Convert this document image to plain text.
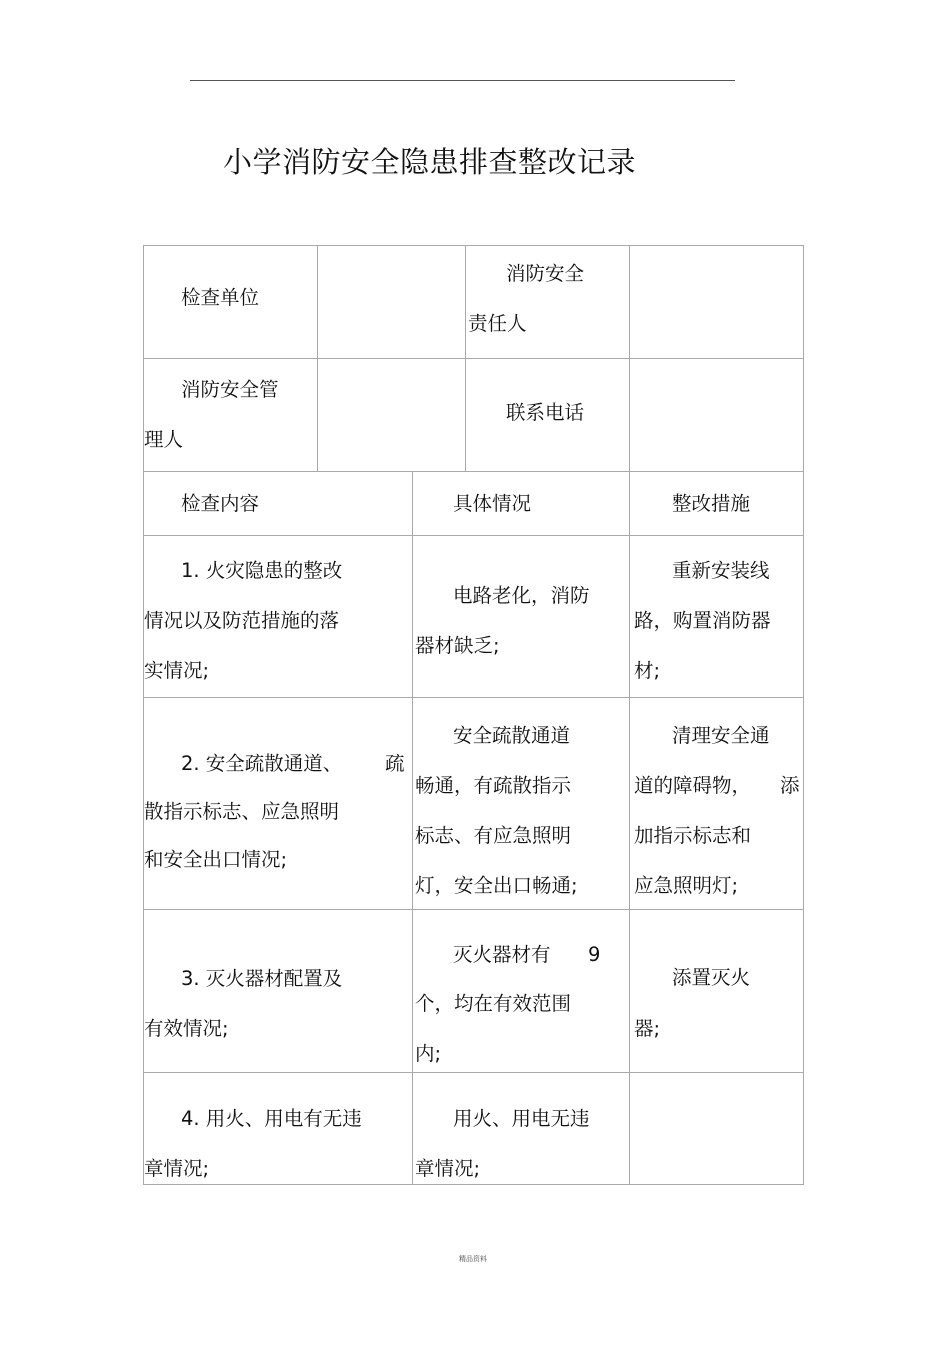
小学消防安全隐患排查整改记录
检查单位
消防安全
责任人
消防安全管
理人
联系电话
检查内容	具体情况	整改措施
1. 火灾隐患的整改
情况以及防范措施的落
实情况;
电路老化，消防
器材缺乏;
重新安装线
路，购置消防器
材;
2. 安全疏散通道、 疏
散指示标志、应急照明
和安全出口情况;
安全疏散通道
畅通，有疏散指示
标志、有应急照明
灯，安全出口畅通;
清理安全通
道的障碍物， 添
加指示标志和
应急照明灯;
3. 灭火器材配置及
有效情况;
灭火器材有 9
个，均在有效范围
内;
添置灭火
器;
4. 用火、用电有无违
章情况;
用火、用电无违
章情况;
精品资料
